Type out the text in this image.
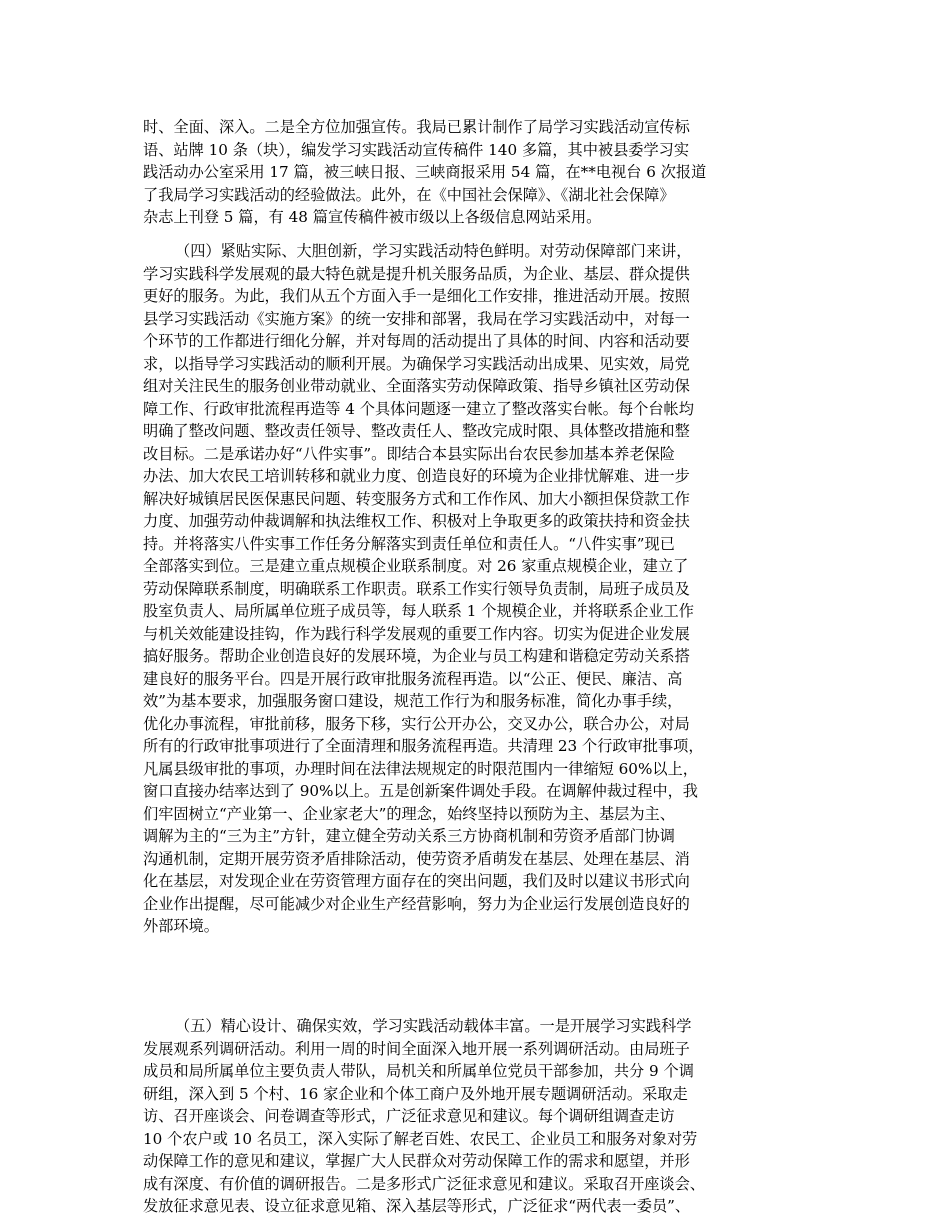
时、全面、深入。二是全方位加强宣传。我局已累计制作了局学习实践活动宣传标
语、站牌 10 条（块），编发学习实践活动宣传稿件 140 多篇，其中被县委学习实
践活动办公室采用 17 篇，被三峡日报、三峡商报采用 54 篇，在**电视台 6 次报道
了我局学习实践活动的经验做法。此外，在《中国社会保障》、《湖北社会保障》
杂志上刊登 5 篇，有 48 篇宣传稿件被市级以上各级信息网站采用。
（四）紧贴实际、大胆创新，学习实践活动特色鲜明。对劳动保障部门来讲，
学习实践科学发展观的最大特色就是提升机关服务品质，为企业、基层、群众提供
更好的服务。为此，我们从五个方面入手一是细化工作安排，推进活动开展。按照
县学习实践活动《实施方案》的统一安排和部署，我局在学习实践活动中，对每一
个环节的工作都进行细化分解，并对每周的活动提出了具体的时间、内容和活动要
求，以指导学习实践活动的顺利开展。为确保学习实践活动出成果、见实效，局党
组对关注民生的服务创业带动就业、全面落实劳动保障政策、指导乡镇社区劳动保
障工作、行政审批流程再造等 4 个具体问题逐一建立了整改落实台帐。每个台帐均
明确了整改问题、整改责任领导、整改责任人、整改完成时限、具体整改措施和整
改目标。二是承诺办好“八件实事”。即结合本县实际出台农民参加基本养老保险
办法、加大农民工培训转移和就业力度、创造良好的环境为企业排忧解难、进一步
解决好城镇居民医保惠民问题、转变服务方式和工作作风、加大小额担保贷款工作
力度、加强劳动仲裁调解和执法维权工作、积极对上争取更多的政策扶持和资金扶
持。并将落实八件实事工作任务分解落实到责任单位和责任人。“八件实事”现已
全部落实到位。三是建立重点规模企业联系制度。对 26 家重点规模企业，建立了
劳动保障联系制度，明确联系工作职责。联系工作实行领导负责制，局班子成员及
股室负责人、局所属单位班子成员等，每人联系 1 个规模企业，并将联系企业工作
与机关效能建设挂钩，作为践行科学发展观的重要工作内容。切实为促进企业发展
搞好服务。帮助企业创造良好的发展环境，为企业与员工构建和谐稳定劳动关系搭
建良好的服务平台。四是开展行政审批服务流程再造。以“公正、便民、廉洁、高
效”为基本要求，加强服务窗口建设，规范工作行为和服务标准，简化办事手续，
优化办事流程，审批前移，服务下移，实行公开办公，交叉办公，联合办公，对局
所有的行政审批事项进行了全面清理和服务流程再造。共清理 23 个行政审批事项，
凡属县级审批的事项，办理时间在法律法规规定的时限范围内一律缩短 60%以上，
窗口直接办结率达到了 90%以上。五是创新案件调处手段。在调解仲裁过程中，我
们牢固树立“产业第一、企业家老大”的理念，始终坚持以预防为主、基层为主、
调解为主的“三为主”方针，建立健全劳动关系三方协商机制和劳资矛盾部门协调
沟通机制，定期开展劳资矛盾排除活动，使劳资矛盾萌发在基层、处理在基层、消
化在基层，对发现企业在劳资管理方面存在的突出问题，我们及时以建议书形式向
企业作出提醒，尽可能减少对企业生产经营影响，努力为企业运行发展创造良好的
外部环境。
（五）精心设计、确保实效，学习实践活动载体丰富。一是开展学习实践科学
发展观系列调研活动。利用一周的时间全面深入地开展一系列调研活动。由局班子
成员和局所属单位主要负责人带队，局机关和所属单位党员干部参加，共分 9 个调
研组，深入到 5 个村、16 家企业和个体工商户及外地开展专题调研活动。采取走
访、召开座谈会、问卷调查等形式，广泛征求意见和建议。每个调研组调查走访
10 个农户或 10 名员工，深入实际了解老百姓、农民工、企业员工和服务对象对劳
动保障工作的意见和建议，掌握广大人民群众对劳动保障工作的需求和愿望，并形
成有深度、有价值的调研报告。二是多形式广泛征求意见和建议。采取召开座谈会、
发放征求意见表、设立征求意见箱、深入基层等形式，广泛征求“两代表一委员”、
